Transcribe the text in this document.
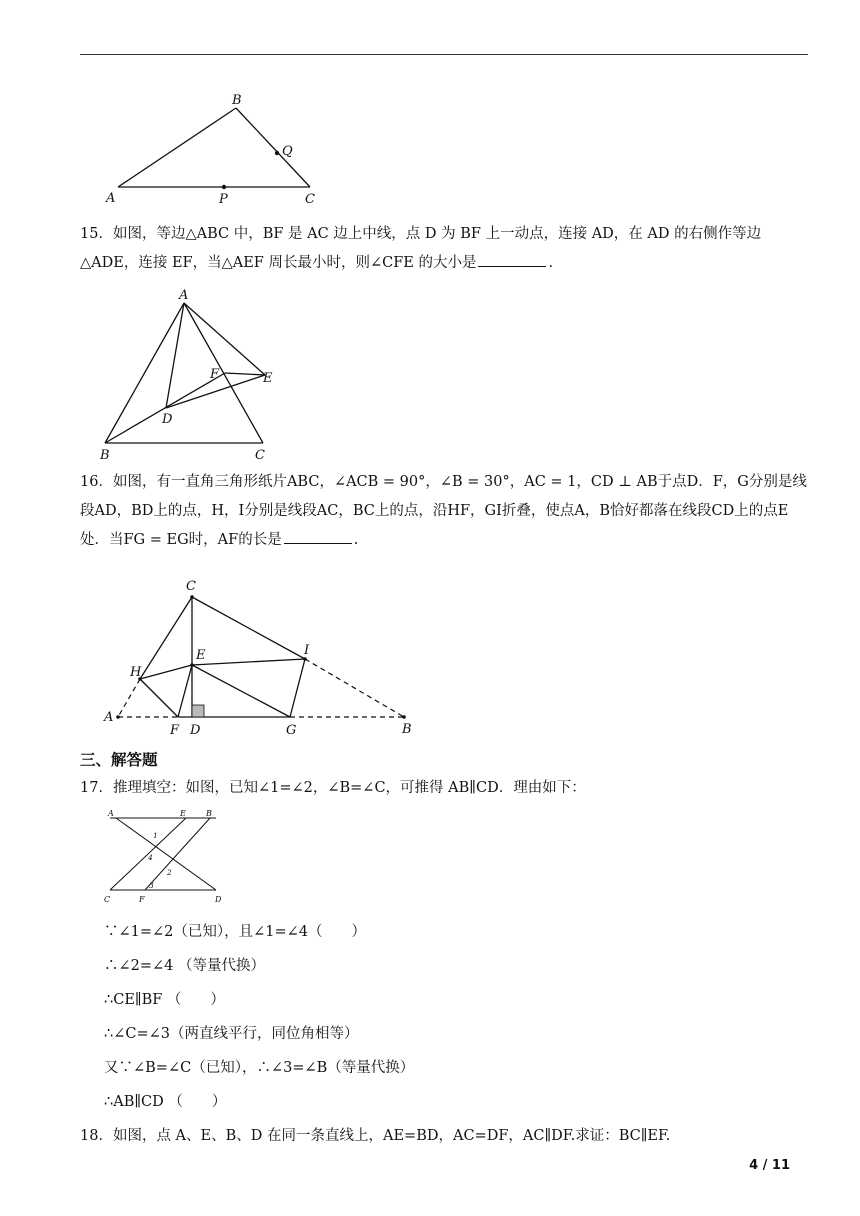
B
A	P	C
Q

15．如图，等边△ABC 中，BF 是 AC 边上中线，点 D 为 BF 上一动点，连接 AD，在 AD 的右侧作等边△ADE，连接 EF，当△AEF 周长最小时，则∠CFE 的大小是	.

A
B	C
D
E
F

16．如图，有一直角三角形纸片ABC，∠ACB = 90°，∠B = 30°，AC = 1，CD ⊥ AB于点D．F，G分别是线段AD，BD上的点，H，I分别是线段AC，BC上的点，沿HF，GI折叠，使点A，B恰好都落在线段CD上的点E处．当FG = EG时，AF的长是	.

C
H
E	I
A
F D	G	B
三、解答题

17．推理填空：如图，已知∠1=∠2，∠B=∠C，可推得 AB∥CD．理由如下：

A	E	B
C	F	D
1
4
2
3

∵∠1=∠2（已知），且∠1=∠4（　　）

∴∠2=∠4 （等量代换）

∴CE∥BF （　　）

∴∠C=∠3（两直线平行，同位角相等）

又∵∠B=∠C（已知），∴∠3=∠B（等量代换）

∴AB∥CD （　　）

18．如图，点 A、E、B、D 在同一条直线上，AE=BD，AC=DF，AC∥DF.求证：BC∥EF.

4 / 11
